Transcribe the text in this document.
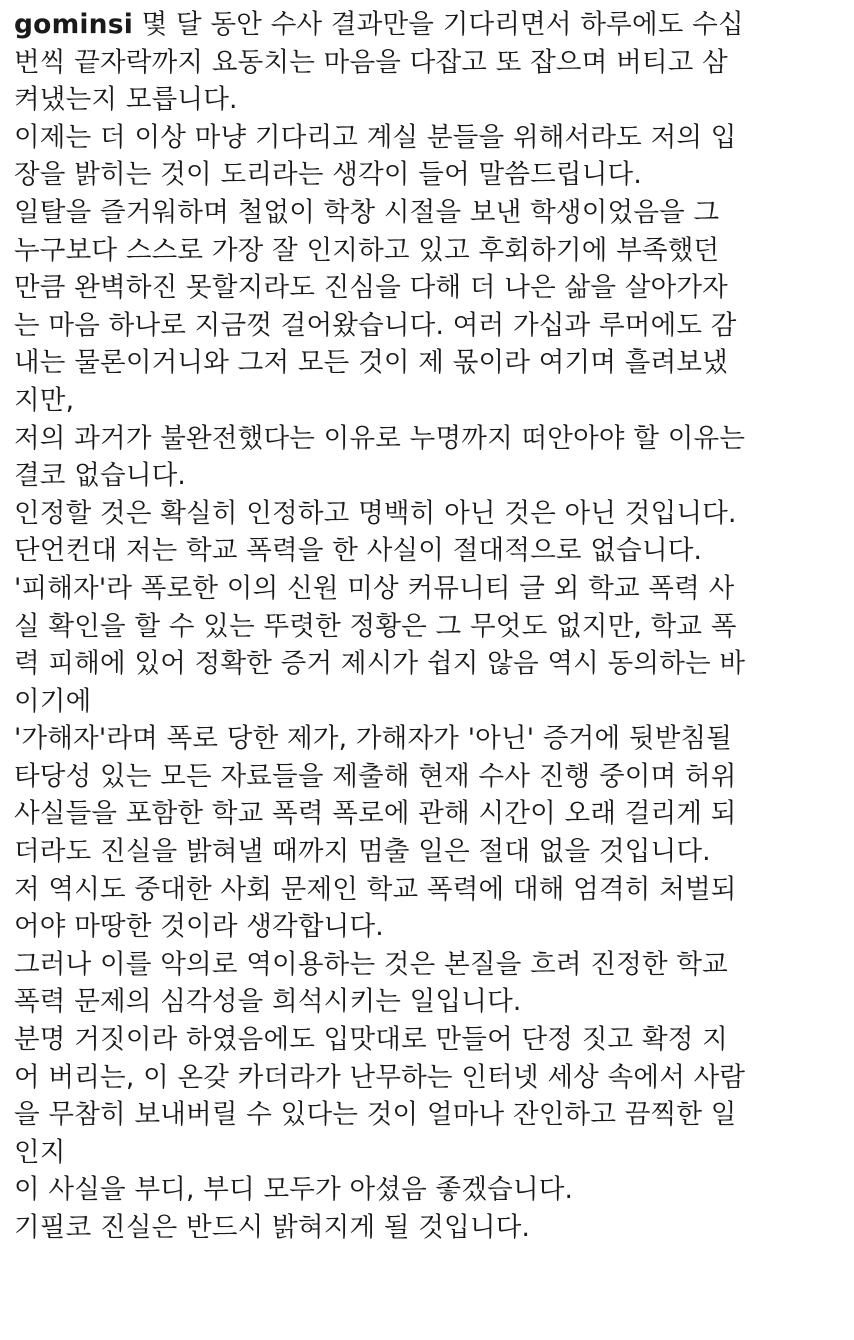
gominsi 몇 달 동안 수사 결과만을 기다리면서 하루에도 수십
번씩 끝자락까지 요동치는 마음을 다잡고 또 잡으며 버티고 삼
켜냈는지 모릅니다.
이제는 더 이상 마냥 기다리고 계실 분들을 위해서라도 저의 입
장을 밝히는 것이 도리라는 생각이 들어 말씀드립니다.
일탈을 즐거워하며 철없이 학창 시절을 보낸 학생이었음을 그
누구보다 스스로 가장 잘 인지하고 있고 후회하기에 부족했던
만큼 완벽하진 못할지라도 진심을 다해 더 나은 삶을 살아가자
는 마음 하나로 지금껏 걸어왔습니다. 여러 가십과 루머에도 감
내는 물론이거니와 그저 모든 것이 제 몫이라 여기며 흘려보냈
지만,
저의 과거가 불완전했다는 이유로 누명까지 떠안아야 할 이유는
결코 없습니다.
인정할 것은 확실히 인정하고 명백히 아닌 것은 아닌 것입니다.
단언컨대 저는 학교 폭력을 한 사실이 절대적으로 없습니다.
'피해자'라 폭로한 이의 신원 미상 커뮤니티 글 외 학교 폭력 사
실 확인을 할 수 있는 뚜렷한 정황은 그 무엇도 없지만, 학교 폭
력 피해에 있어 정확한 증거 제시가 쉽지 않음 역시 동의하는 바
이기에
'가해자'라며 폭로 당한 제가, 가해자가 '아닌' 증거에 뒷받침될
타당성 있는 모든 자료들을 제출해 현재 수사 진행 중이며 허위
사실들을 포함한 학교 폭력 폭로에 관해 시간이 오래 걸리게 되
더라도 진실을 밝혀낼 때까지 멈출 일은 절대 없을 것입니다.
저 역시도 중대한 사회 문제인 학교 폭력에 대해 엄격히 처벌되
어야 마땅한 것이라 생각합니다.
그러나 이를 악의로 역이용하는 것은 본질을 흐려 진정한 학교
폭력 문제의 심각성을 희석시키는 일입니다.
분명 거짓이라 하였음에도 입맛대로 만들어 단정 짓고 확정 지
어 버리는, 이 온갖 카더라가 난무하는 인터넷 세상 속에서 사람
을 무참히 보내버릴 수 있다는 것이 얼마나 잔인하고 끔찍한 일
인지
이 사실을 부디, 부디 모두가 아셨음 좋겠습니다.
기필코 진실은 반드시 밝혀지게 될 것입니다.
